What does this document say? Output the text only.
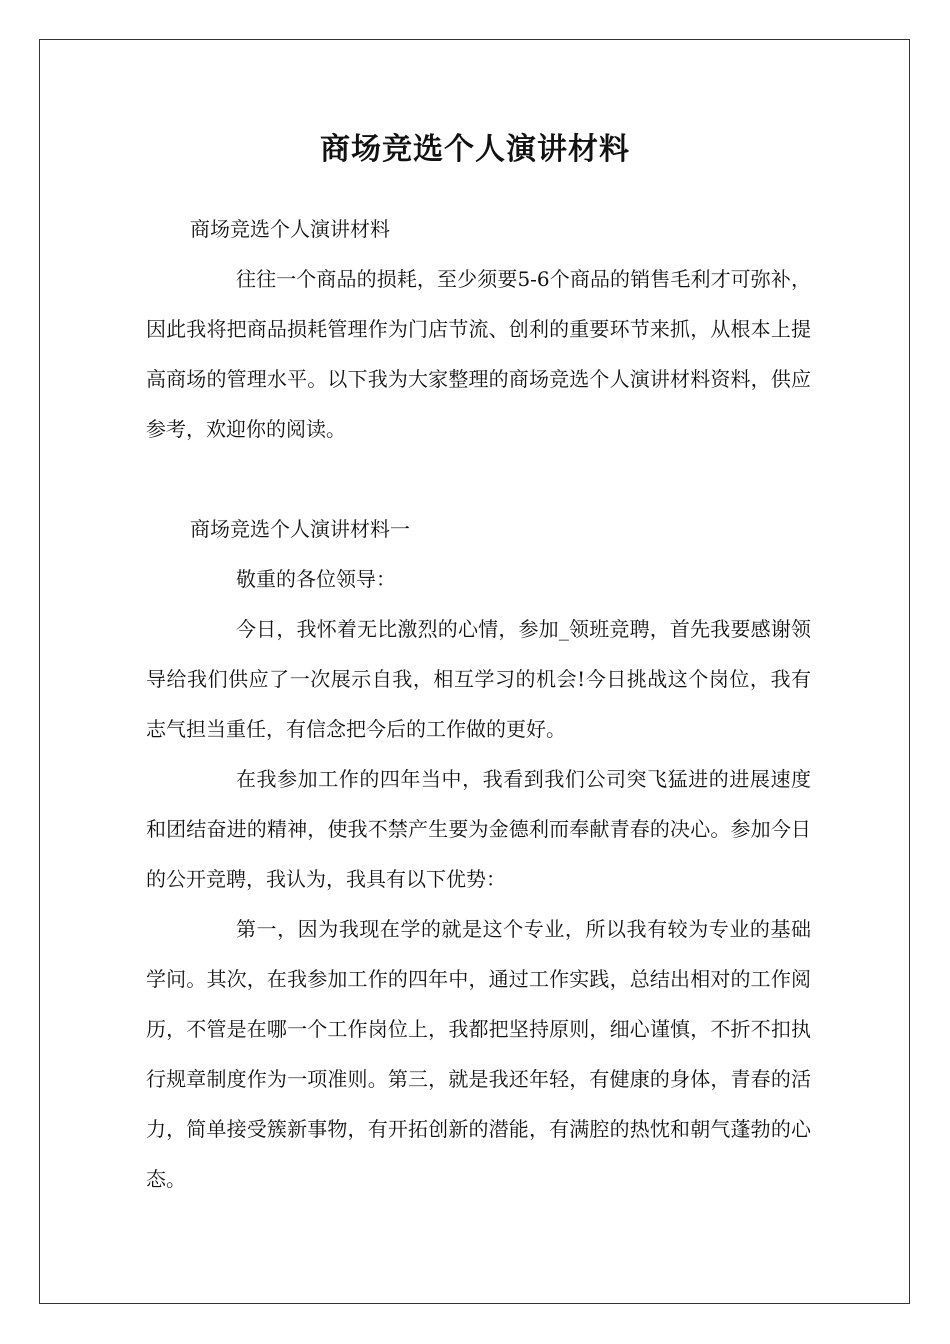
商场竞选个人演讲材料

商场竞选个人演讲材料

往往一个商品的损耗，至少须要5-6个商品的销售毛利才可弥补，因此我将把商品损耗管理作为门店节流、创利的重要环节来抓，从根本上提高商场的管理水平。以下我为大家整理的商场竞选个人演讲材料资料，供应参考，欢迎你的阅读。

商场竞选个人演讲材料一

敬重的各位领导：

今日，我怀着无比激烈的心情，参加_领班竞聘，首先我要感谢领导给我们供应了一次展示自我，相互学习的机会!今日挑战这个岗位，我有志气担当重任，有信念把今后的工作做的更好。

在我参加工作的四年当中，我看到我们公司突飞猛进的进展速度和团结奋进的精神，使我不禁产生要为金德利而奉献青春的决心。参加今日的公开竞聘，我认为，我具有以下优势：

第一，因为我现在学的就是这个专业，所以我有较为专业的基础学问。其次，在我参加工作的四年中，通过工作实践，总结出相对的工作阅历，不管是在哪一个工作岗位上，我都把坚持原则，细心谨慎，不折不扣执行规章制度作为一项准则。第三，就是我还年轻，有健康的身体，青春的活力，简单接受簇新事物，有开拓创新的潜能，有满腔的热忱和朝气蓬勃的心态。
